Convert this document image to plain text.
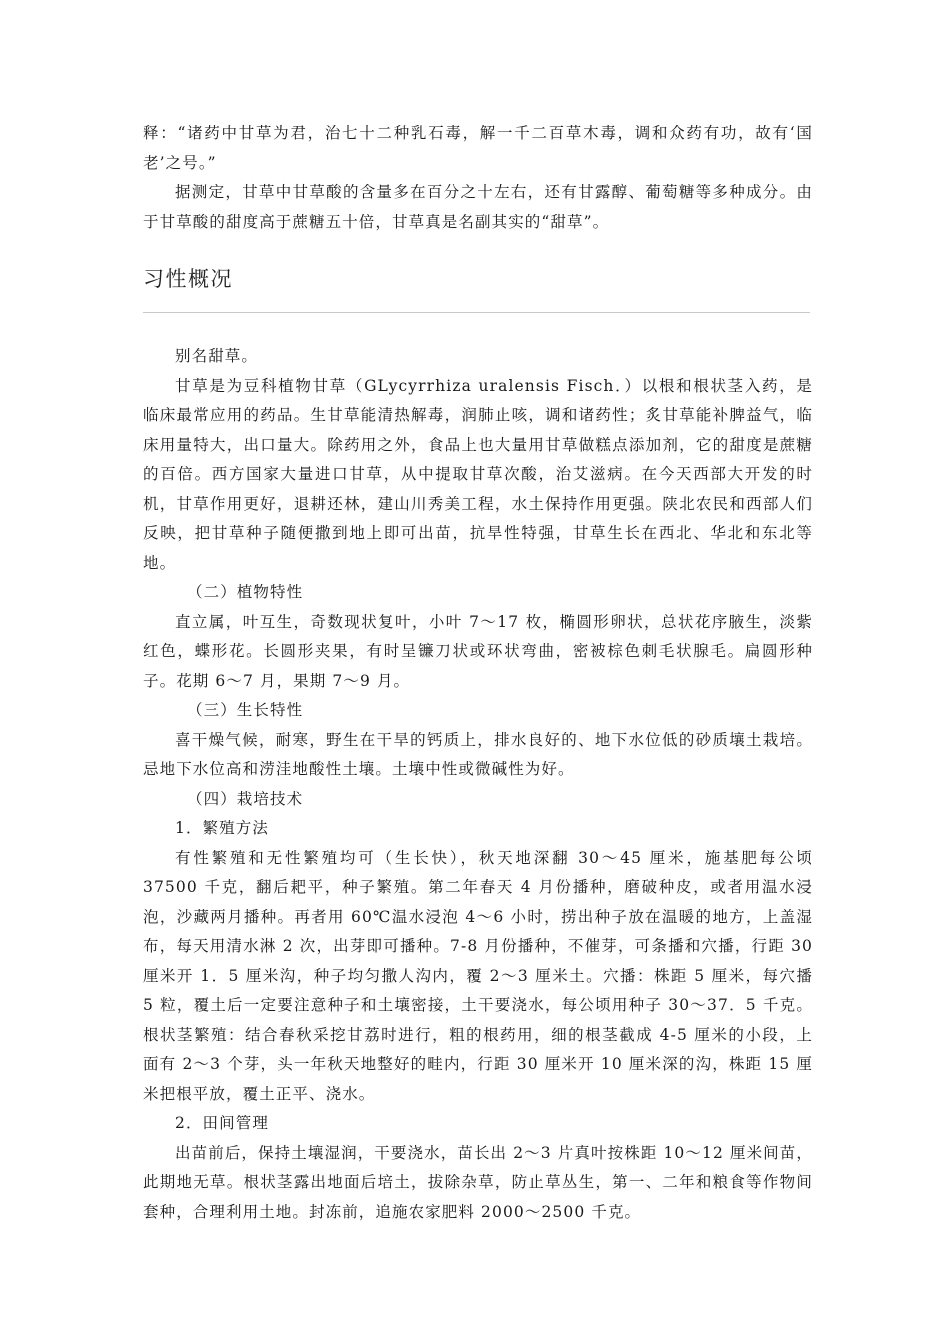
释：“诸药中甘草为君，治七十二种乳石毒，解一千二百草木毒，调和众药有功，故有‘国老’之号。”

据测定，甘草中甘草酸的含量多在百分之十左右，还有甘露醇、葡萄糖等多种成分。由于甘草酸的甜度高于蔗糖五十倍，甘草真是名副其实的“甜草”。

习性概况

别名甜草。

甘草是为豆科植物甘草（GLycyrrhiza uralensis Fisch．）以根和根状茎入药，是临床最常应用的药品。生甘草能清热解毒，润肺止咳，调和诸药性；炙甘草能补脾益气，临床用量特大，出口量大。除药用之外，食品上也大量用甘草做糕点添加剂，它的甜度是蔗糖的百倍。西方国家大量进口甘草，从中提取甘草次酸，治艾滋病。在今天西部大开发的时机，甘草作用更好，退耕还林，建山川秀美工程，水土保持作用更强。陕北农民和西部人们反映，把甘草种子随便撒到地上即可出苗，抗旱性特强，甘草生长在西北、华北和东北等地。

（二）植物特性

直立属，叶互生，奇数现状复叶，小叶 7～17 枚，椭圆形卵状，总状花序腋生，淡紫红色，蝶形花。长圆形夹果，有时呈镰刀状或环状弯曲，密被棕色刺毛状腺毛。扁圆形种子。花期 6～7 月，果期 7～9 月。

（三）生长特性

喜干燥气候，耐寒，野生在干旱的钙质上，排水良好的、地下水位低的砂质壤土栽培。忌地下水位高和涝洼地酸性土壤。土壤中性或微碱性为好。

（四）栽培技术

1．繁殖方法

有性繁殖和无性繁殖均可（生长快），秋天地深翻 30～45 厘米，施基肥每公顷 37500 千克，翻后耙平，种子繁殖。第二年春天 4 月份播种，磨破种皮，或者用温水浸泡，沙藏两月播种。再者用 60℃温水浸泡 4～6 小时，捞出种子放在温暖的地方，上盖湿布，每天用清水淋 2 次，出芽即可播种。7-8 月份播种，不催芽，可条播和穴播，行距 30 厘米开 1．5 厘米沟，种子均匀撒人沟内，覆 2～3 厘米土。穴播：株距 5 厘米，每穴播 5 粒，覆土后一定要注意种子和土壤密接，土干要浇水，每公顷用种子 30～37．5 千克。根状茎繁殖：结合春秋采挖甘荔时进行，粗的根药用，细的根茎截成 4-5 厘米的小段，上面有 2～3 个芽，头一年秋天地整好的畦内，行距 30 厘米开 10 厘米深的沟，株距 15 厘米把根平放，覆土正平、浇水。

2．田间管理

出苗前后，保持土壤湿润，干要浇水，苗长出 2～3 片真叶按株距 10～12 厘米间苗，此期地无草。根状茎露出地面后培土，拔除杂草，防止草丛生，第一、二年和粮食等作物间套种，合理利用土地。封冻前，追施农家肥料 2000～2500 千克。
